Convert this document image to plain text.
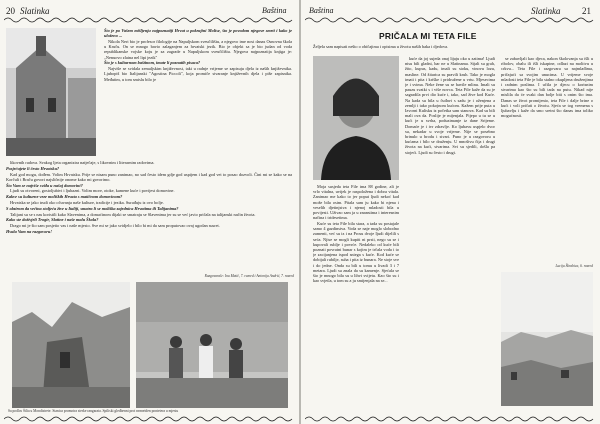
20 Slatinka	Baština

Što je po Vašem mišljenju najpoznatiji Hrvat u pokrajini Molise, što je povodom njegove smrti i kako je uloženo ...

Nikola Neri bio je profesor filologije na Napuljskom sveučilištu, a njegovo ime nosi danas Osnovna škola u Kruču. On se mnogo bavio zalaganjem za hrvatski jezik. Bio je objekt sa je bio judan od voda republikanske vojske koju je za zagrade u Napuljskom sveučilištu. Njegova najpoznatija knjiga je: „Nenuovo zlaina nel lipi jezik"

Što je s kulturnom baštinom, imate li poznatih pisaca?

Najviše se svidala zemaljskim književnost, taki u radnje vrijeme se zapisuju djela iz naših književnika. Ljubopiš bio Italijanski "Agostina Piccoli", koja promiče stvaranje književnih djela i piše zapisnika. Međutim, u tom smislu bilo je

likovnih radova. Svakog ljeta organizira natječaje, s likovnim i literarnim radovima.

Posjećujete li često Hrvatsku?

Kad god mogu, dođem. Volim Hrvatsku. Prije se nisam puno zanimao, no sad često idem gdje god uspijem i kad god vei to posao dozvoli. Čini mi se kako se na Korčuli i Braču govori najsličnije onome kako mi govorimo.

Što Vam se najviše sviđa u našoj domovini?

Ljudi su otvoreni, gostoljubivi i ljubazni. Volim more, otoke, kamene kuće i povijest domovine.

Kakve su kulturne veze moliških Hrvata s matičnom domovinom?

Hrvatska se jako trudi oko očuvanja naše kulture, tradicije i jezika. Surađuju iz ovo bolje.

S obzirom da većina stoljeća žive u Italiji, smatra li se moliška zajednica Hrvatima ili Talijanima?

Talijani su se s nas koristili kako Slavenima, a domaćinom dijaki se smatraju se Slavenima jer su se već javio pričala na talijanski način života.

Kako ste doživjeli Trogir, Slatine i naše malu Škola?

Drago mi je što sam posjetio vas i naše mjesto. Sve mi se jako svidjelo i bilo bi mi da sam proputovao ovaj ugodan susret.

Hvala Vam na razgovoru!

Razgovarale: Ina Matić, 7. razred i Antonija Andrić, 7. razred
Sa podlos Šilia u Mondistrete. Stanica promotra sterke rangarata. Spiliski gledbenni prot nezneiden pontetera u mjestu
Baština	Slatinka 21
PRIČALA MI TETA FILE
Željela sam napisati nešto o običajima i opisima u životu naših baka i djedova.

Moja susjeda teta File ima 88 godine, ali je vrlo vitalna, uvijek je raspoložena i dobra vitala. Zanimao me kako to jer poput ljudi nekoć kad može bila osim. Pitala sam ju kako bi njena i veselih djetinjstva i njenoj mladosti bila u povijesti. Uživao sam ja u znanstima i interesnim načina i tridesetima.

Kuće su teta File bila stara, a tada su postajale samo 4 gazdinstva. Voda se naje moglo slobodno zamenti, već su iz i na Prosu dvoje Ijudi dijelili s seća. Njise se mogli kupiti ni prsti, nego su se i kupovali rublje i povrće. Nedaleko od kuće bili poznati povratni bunar s kojim je trčala voda i to je zacijanjena ispod sniega s kuće. Kod kuće se dobijali rubilje, suha i pita iz bunara. Ne stoje sve i do jedne. Onda su bili u tomu u livadi 3 i 7 metara. Ljudi su znala da su kamenje. Sjećala se što je mnogo bila su u lihvi svijetu. Kao što su i kao svjetla, u tom su a ju smijenjala na se...

kuće da joj sujeda onaj lijaju oko u zatima! Ljudi nisu bili gladni, bar ne u Slatinama. Sijali su grah, žito, kupus, kadu, imali su stoku, vinovu lozu, masline. Od žitarica su pravili kruh. Tako je mogla imati i pita i kriške i pridružene u vrtu. Mjesecima je i svima. Neke žene su se bavile mlinu. Imali su pauzu svatki s i više novca. Teta File kaže da su je sagradila prvi dio kuće i, tako, sad žive kod Kuće. Na kada su bila u čuđavi s sadu je i oženjena a zemlji i tako pokojnom kućom. Kažem prije puta u Izvorni Kulisku iz početka sam stanova. Kad su bili mali ova da. Poslije je mijenjala. Pijepo u tu se u kući je u svrha, poduzimanje iz dane Srijeme. Domaće je i ivr zdravlje. Ko ljubavu uspjelo dvor su, nekadar u svoje vrijeme. Nije se posebno brinulo u brodu i stvari. Puno je u razgovoru u kućama i bilo se druženju. U mnoštvu čija i drugi života na kući, stvarima. Svi su sjedili, došla pa stojeći. Ljudi su često i drugi.

se zabavljali kao djeca, nakon školovanja su išli u ribolov, obalu ili išli iskapine, odlazi na molitvu u crkvu... Teta File i razgovara sa najmlađima, pričajući sa svojim unucima. U vrijeme svoje mladosti teta File je bila stalno okupljena druženjima i radnim poslima. I učila je djecu o korisnim stvarima kao što su bili tada na putu. Nikad nije mislila da će svaki dan bolje biti s onim što ima. Danas se život promijenio, teta File i dalje brine o kući i voli pričati o životu. Sjeća se tog vremena s ljubavlju i kaže da smo sretni što danas ima toliko mogućnosti.

Lucija Škrabica, 6. razred
